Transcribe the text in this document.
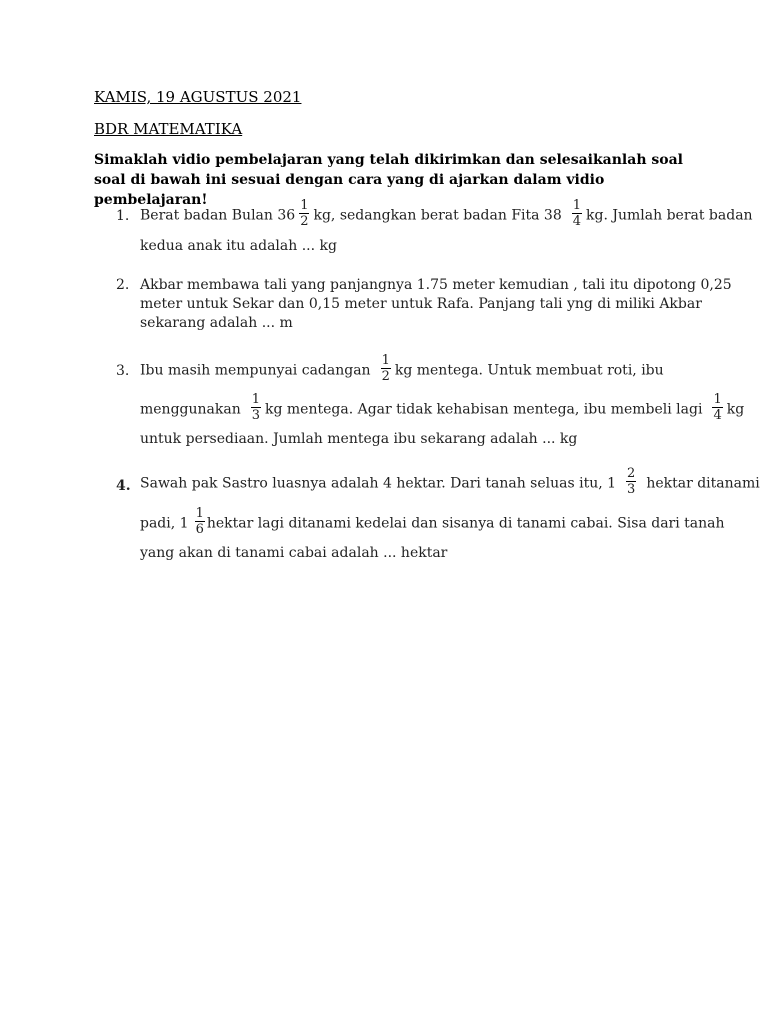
KAMIS, 19 AGUSTUS 2021
BDR MATEMATIKA
Simaklah vidio pembelajaran yang telah dikirimkan dan selesaikanlah soal soal di bawah ini sesuai dengan cara yang di ajarkan dalam vidio pembelajaran!
1. Berat badan Bulan $36 \frac{1}{2}$ kg, sedangkan berat badan Fita $38 \frac{1}{4}$ kg. Jumlah berat badan
kedua anak itu adalah ... kg
2. Akbar membawa tali yang panjangnya 1.75 meter kemudian , tali itu dipotong 0,25
meter untuk Sekar dan 0,15 meter untuk Rafa. Panjang tali yng di miliki Akbar
sekarang adalah ... m
3. Ibu masih mempunyai cadangan $\frac{1}{2}$ kg mentega. Untuk membuat roti, ibu
menggunakan $\frac{1}{3}$ kg mentega. Agar tidak kehabisan mentega, ibu membeli lagi $\frac{1}{4}$ kg
untuk persediaan. Jumlah mentega ibu sekarang adalah ... kg
4. Sawah pak Sastro luasnya adalah 4 hektar. Dari tanah seluas itu, $1 \frac{2}{3}$ hektar ditanami
padi, $1 \frac{1}{6}$ hektar lagi ditanami kedelai dan sisanya di tanami cabai. Sisa dari tanah
yang akan di tanami cabai adalah ... hektar
